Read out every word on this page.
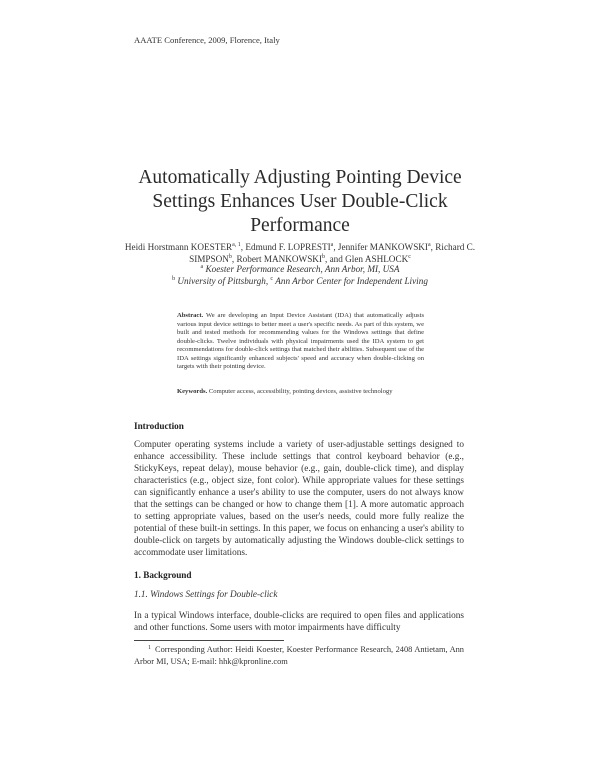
AAATE Conference, 2009, Florence, Italy
Automatically Adjusting Pointing Device
Settings Enhances User Double-Click
Performance
Heidi Horstmann KOESTER$^{a, 1}$, Edmund F. LOPRESTI$^a$, Jennifer MANKOWSKI$^a$, Richard C. SIMPSON$^b$, Robert MANKOWSKI$^b$, and Glen ASHLOCK$^c$
$^a$ Koester Performance Research, Ann Arbor, MI, USA
$^b$ University of Pittsburgh, $^c$ Ann Arbor Center for Independent Living
Abstract. We are developing an Input Device Assistant (IDA) that automatically adjusts various input device settings to better meet a user's specific needs. As part of this system, we built and tested methods for recommending values for the Windows settings that define double-clicks. Twelve individuals with physical impairments used the IDA system to get recommendations for double-click settings that matched their abilities. Subsequent use of the IDA settings significantly enhanced subjects' speed and accuracy when double-clicking on targets with their pointing device.
Keywords. Computer access, accessibility, pointing devices, assistive technology
Introduction
Computer operating systems include a variety of user-adjustable settings designed to enhance accessibility. These include settings that control keyboard behavior (e.g., StickyKeys, repeat delay), mouse behavior (e.g., gain, double-click time), and display characteristics (e.g., object size, font color). While appropriate values for these settings can significantly enhance a user's ability to use the computer, users do not always know that the settings can be changed or how to change them [1]. A more automatic approach to setting appropriate values, based on the user's needs, could more fully realize the potential of these built-in settings. In this paper, we focus on enhancing a user's ability to double-click on targets by automatically adjusting the Windows double-click settings to accommodate user limitations.
1. Background
1.1. Windows Settings for Double-click
In a typical Windows interface, double-clicks are required to open files and applications and other functions. Some users with motor impairments have difficulty
$^1$ Corresponding Author: Heidi Koester, Koester Performance Research, 2408 Antietam, Ann Arbor MI, USA; E-mail: hhk@kpronline.com
